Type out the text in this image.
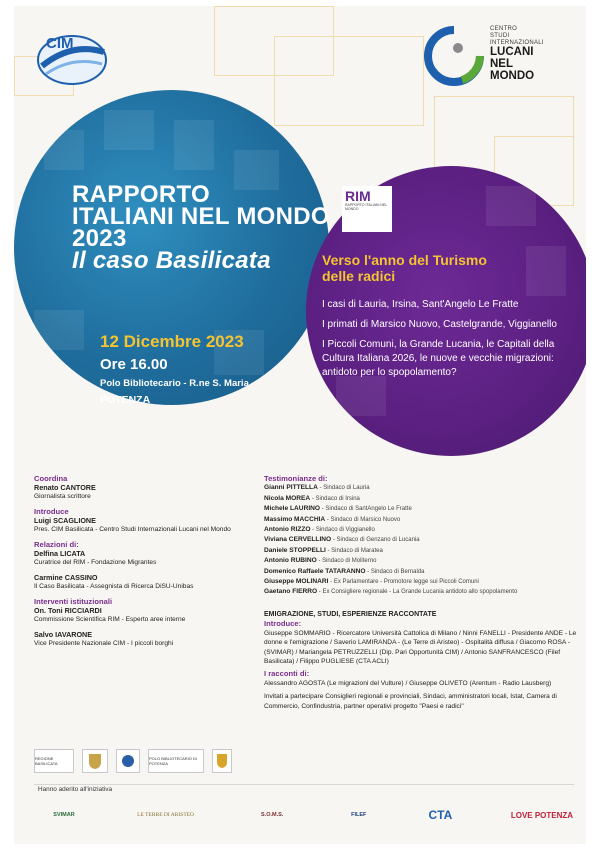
CIM
CENTRO
STUDI
INTERNAZIONALI
LUCANI
NEL
MONDO
RAPPORTO
ITALIANI NEL MONDO
2023
Il caso Basilicata
12 Dicembre 2023
Ore 16.00
Polo Bibliotecario - R.ne S. Maria
POTENZA
RIM
RAPPORTO ITALIANI NEL MONDO
Verso l'anno del Turismo
delle radici

I casi di Lauria, Irsina, Sant'Angelo Le Fratte

I primati di Marsico Nuovo, Castelgrande, Viggianello

I Piccoli Comuni, la Grande Lucania, le Capitali della Cultura Italiana 2026, le nuove e vecchie migrazioni: antidoto per lo spopolamento?

Coordina
Renato CANTORE
Giornalista scrittore
Introduce
Luigi SCAGLIONE
Pres. CIM Basilicata - Centro Studi Internazionali Lucani nel Mondo
Relazioni di:
Delfina LICATA
Curatrice del RIM - Fondazione Migrantes
Carmine CASSINO
Il Caso Basilicata - Assegnista di Ricerca DiSU-Unibas
Interventi istituzionali
On. Toni RICCIARDI
Commissione Scientifica RIM - Esperto aree interne
Salvo IAVARONE
Vice Presidente Nazionale CIM - I piccoli borghi
Testimonianze di:
Gianni PITTELLA - Sindaco di Lauria
Nicola MOREA - Sindaco di Irsina
Michele LAURINO - Sindaco di SantAngelo Le Fratte
Massimo MACCHIA - Sindaco di Marsico Nuovo
Antonio RIZZO - Sindaco di Viggianello
Viviana CERVELLINO - Sindaco di Genzano di Lucania
Daniele STOPPELLI - Sindaco di Maratea
Antonio RUBINO - Sindaco di Moliterno
Domenico Raffaele TATARANNO - Sindaco di Bernalda
Giuseppe MOLINARI - Ex Parlamentare - Promotore legge sui Piccoli Comuni
Gaetano FIERRO - Ex Consigliere regionale - La Grande Lucania antidoto allo spopolamento
EMIGRAZIONE, STUDI, ESPERIENZE RACCONTATE
Introduce:
Giuseppe SOMMARIO - Ricercatore Università Cattolica di Milano / Ninni FANELLI - Presidente ANDE - Le donne e l'emigrazione / Saverio LAMIRANDA - (Le Terre di Aristeo) - Ospitalità diffusa / Giacomo ROSA - (SVIMAR) / Mariangela PETRUZZELLI (Dip. Pari Opportunità CIM) / Antonio SANFRANCESCO (Filef Basilicata) / Filippo PUGLIESE (CTA ACLI)
I racconti di:
Alessandro AGOSTA (Le migrazioni del Vulture) / Giuseppe OLIVETO (Arentum - Radio Lausberg)
Invitati a partecipare Consiglieri regionali e provinciali, Sindaci, amministratori locali, Istat, Camera di Commercio, Confindustria, partner operativi progetto "Paesi e radici"
REGIONE BASILICATA
POLO BIBLIOTECARIO DI POTENZA
Hanno aderito all'iniziativa
SVIMAR	LE TERRE DI ARISTEO	S.O.M.S.	FILEF	CTA	LOVE POTENZA
